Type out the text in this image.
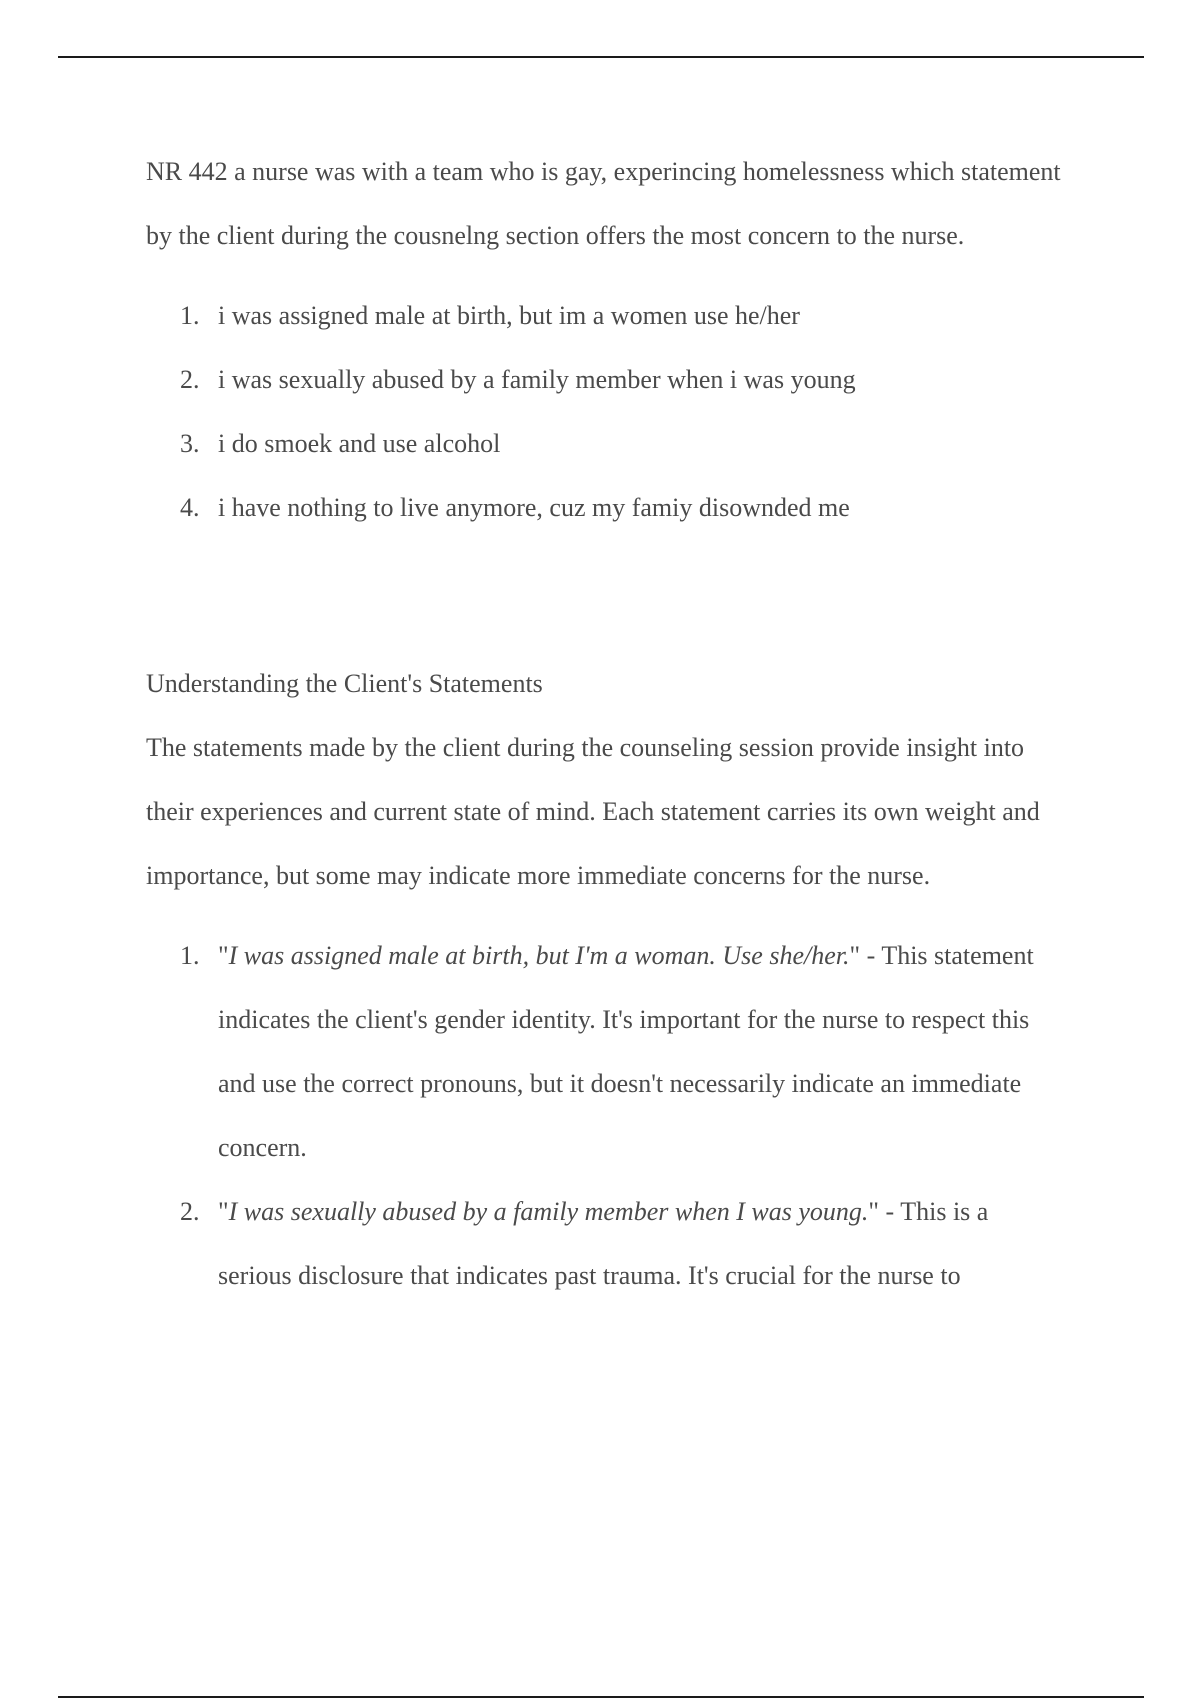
NR 442 a nurse was with a team who is gay, experincing homelessness which statement by the client during the cousnelng section offers the most concern to the nurse.

1. i was assigned male at birth, but im a women use he/her
2. i was sexually abused by a family member when i was young
3. i do smoek and use alcohol
4. i have nothing to live anymore, cuz my famiy disownded me

Understanding the Client's Statements

The statements made by the client during the counseling session provide insight into their experiences and current state of mind. Each statement carries its own weight and importance, but some may indicate more immediate concerns for the nurse.

1. "I was assigned male at birth, but I'm a woman. Use she/her." - This statement indicates the client's gender identity. It's important for the nurse to respect this and use the correct pronouns, but it doesn't necessarily indicate an immediate concern.
2. "I was sexually abused by a family member when I was young." - This is a serious disclosure that indicates past trauma. It's crucial for the nurse to
